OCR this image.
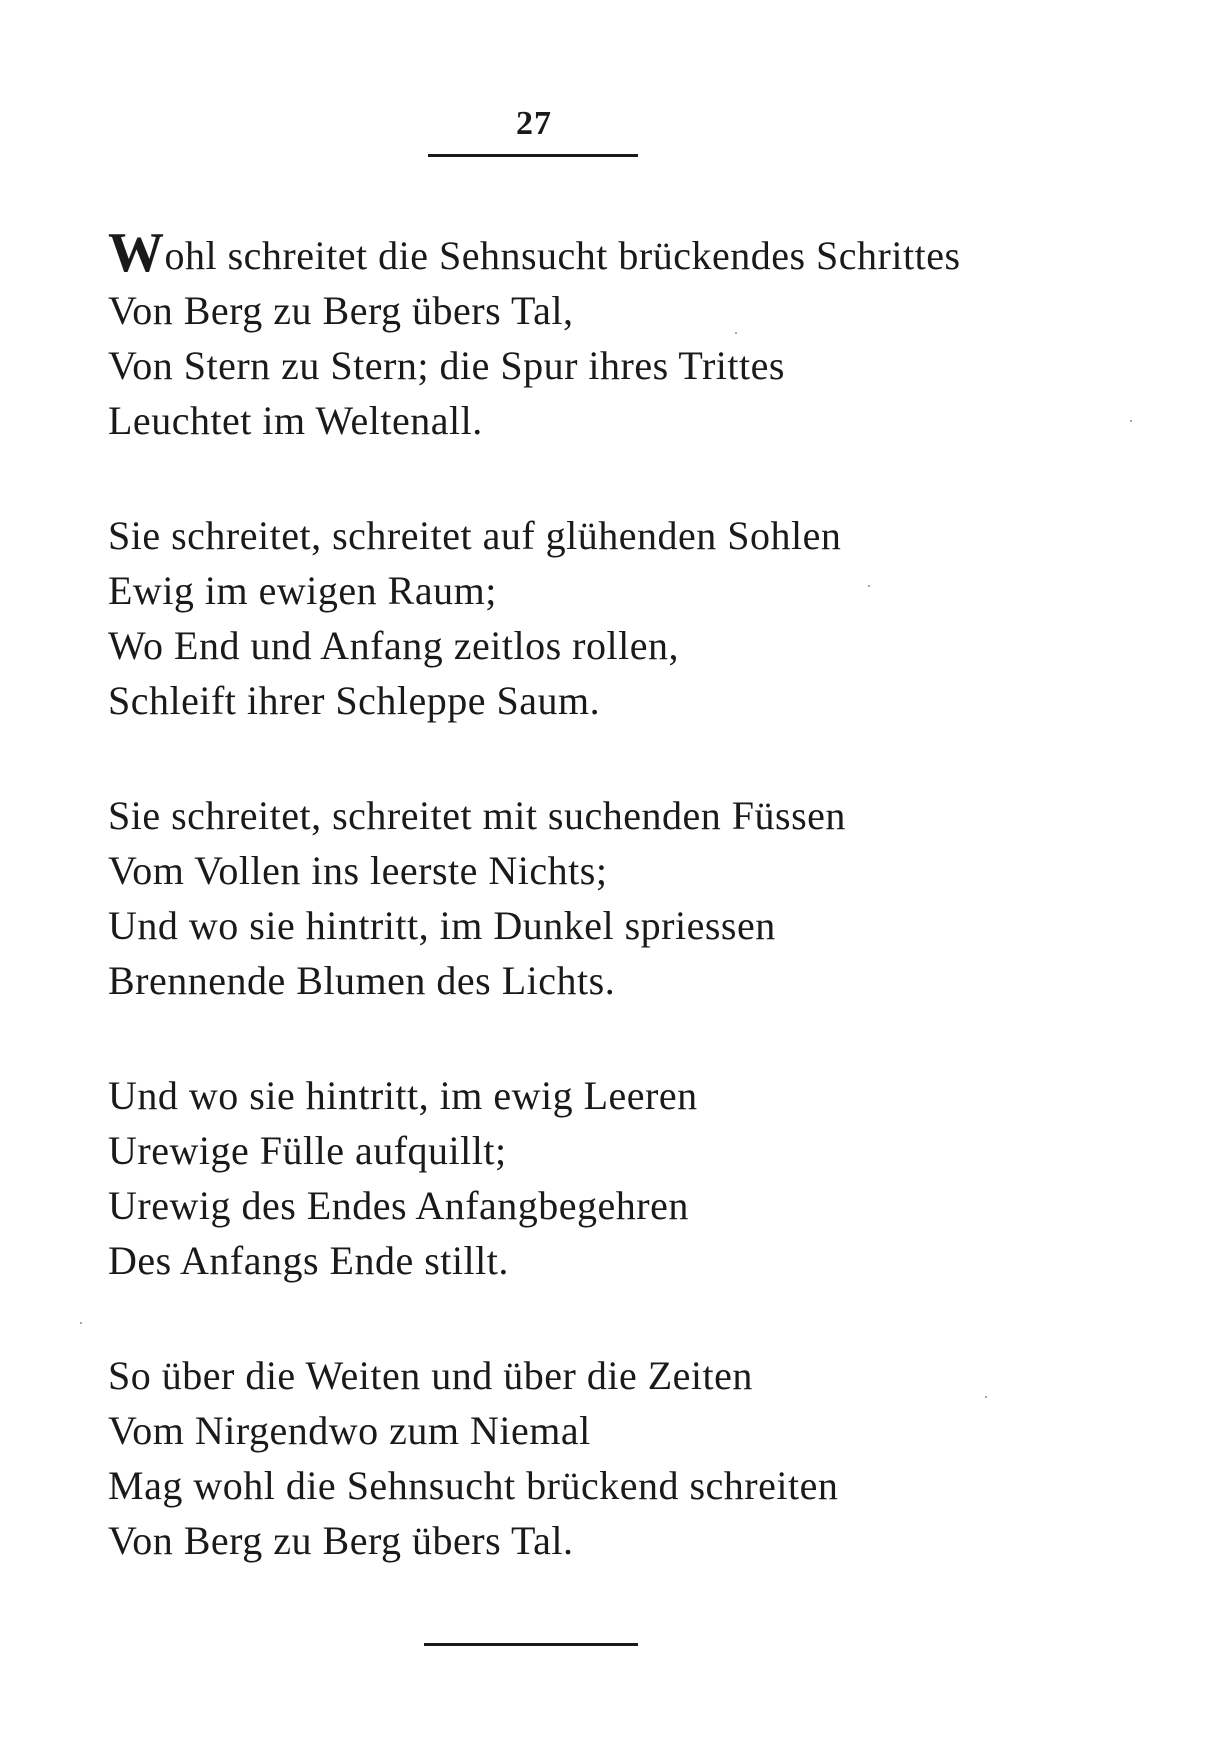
27
Wohl schreitet die Sehnsucht brückendes Schrittes
Von Berg zu Berg übers Tal,
Von Stern zu Stern; die Spur ihres Trittes
Leuchtet im Weltenall.
Sie schreitet, schreitet auf glühenden Sohlen
Ewig im ewigen Raum;
Wo End und Anfang zeitlos rollen,
Schleift ihrer Schleppe Saum.
Sie schreitet, schreitet mit suchenden Füssen
Vom Vollen ins leerste Nichts;
Und wo sie hintritt, im Dunkel spriessen
Brennende Blumen des Lichts.
Und wo sie hintritt, im ewig Leeren
Urewige Fülle aufquillt;
Urewig des Endes Anfangbegehren
Des Anfangs Ende stillt.
So über die Weiten und über die Zeiten
Vom Nirgendwo zum Niemal
Mag wohl die Sehnsucht brückend schreiten
Von Berg zu Berg übers Tal.
